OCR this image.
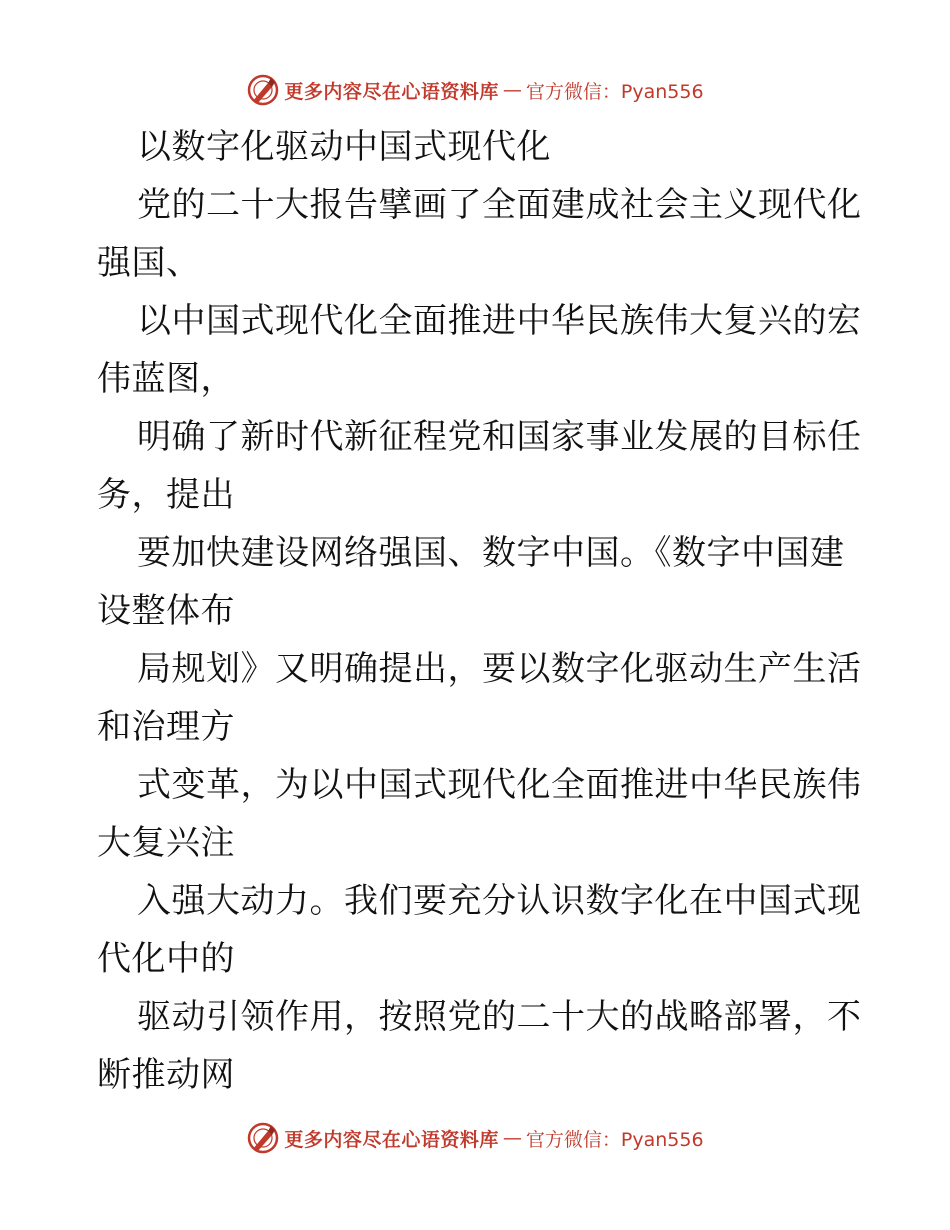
更多内容尽在心语资料库 — 官方微信：Pyan556
以数字化驱动中国式现代化
党的二十大报告擘画了全面建成社会主义现代化
强国、
以中国式现代化全面推进中华民族伟大复兴的宏
伟蓝图，
明确了新时代新征程党和国家事业发展的目标任
务，提出
要加快建设网络强国、数字中国。《数字中国建
设整体布
局规划》又明确提出，要以数字化驱动生产生活
和治理方
式变革，为以中国式现代化全面推进中华民族伟
大复兴注
入强大动力。我们要充分认识数字化在中国式现
代化中的
驱动引领作用，按照党的二十大的战略部署，不
断推动网
更多内容尽在心语资料库 — 官方微信：Pyan556
